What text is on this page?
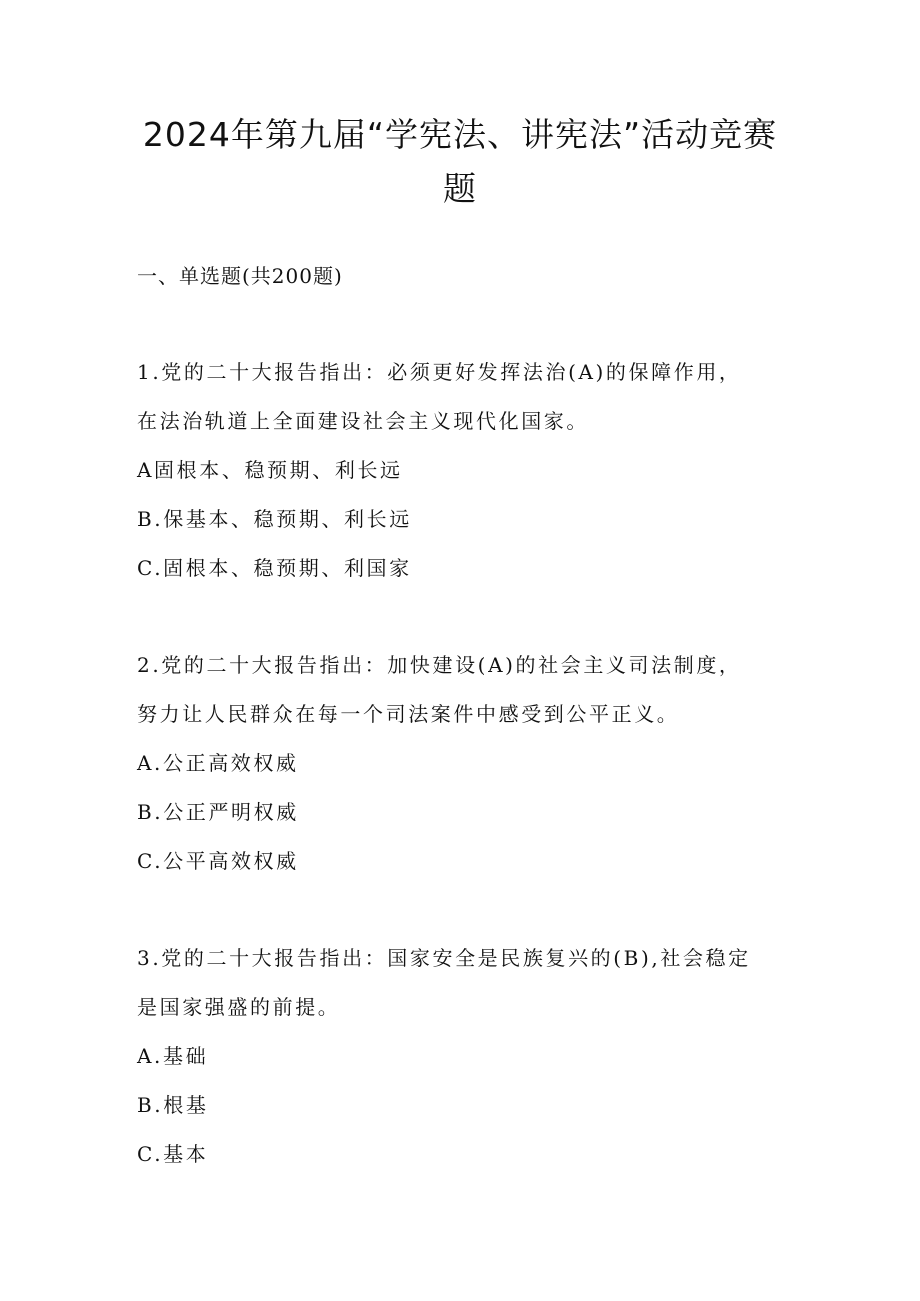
2024年第九届“学宪法、讲宪法”活动竞赛
题
一、单选题(共200题)
1.党的二十大报告指出：必须更好发挥法治(A)的保障作用，
在法治轨道上全面建设社会主义现代化国家。
A固根本、稳预期、利长远
B.保基本、稳预期、利长远
C.固根本、稳预期、利国家
2.党的二十大报告指出：加快建设(A)的社会主义司法制度，
努力让人民群众在每一个司法案件中感受到公平正义。
A.公正高效权威
B.公正严明权威
C.公平高效权威
3.党的二十大报告指出：国家安全是民族复兴的(B),社会稳定
是国家强盛的前提。
A.基础
B.根基
C.基本
